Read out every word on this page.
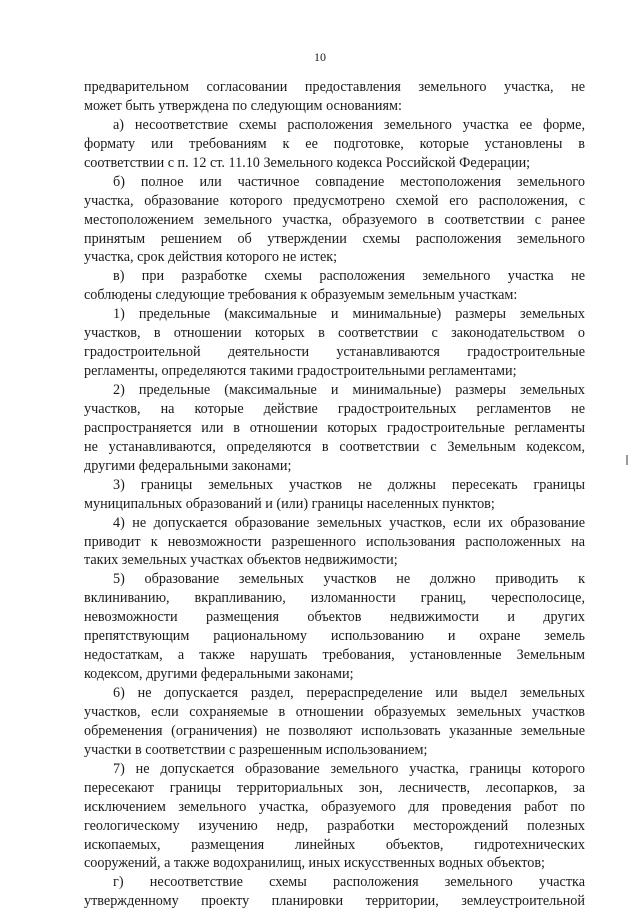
10
предварительном согласовании предоставления земельного участка, не
может быть утверждена по следующим основаниям:
а) несоответствие схемы расположения земельного участка ее форме,
формату или требованиям к ее подготовке, которые установлены в
соответствии с п. 12 ст. 11.10 Земельного кодекса Российской Федерации;
б) полное или частичное совпадение местоположения земельного
участка, образование которого предусмотрено схемой его расположения, с
местоположением земельного участка, образуемого в соответствии с ранее
принятым решением об утверждении схемы расположения земельного
участка, срок действия которого не истек;
в) при разработке схемы расположения земельного участка не
соблюдены следующие требования к образуемым земельным участкам:
1) предельные (максимальные и минимальные) размеры земельных
участков, в отношении которых в соответствии с законодательством о
градостроительной деятельности устанавливаются градостроительные
регламенты, определяются такими градостроительными регламентами;
2) предельные (максимальные и минимальные) размеры земельных
участков, на которые действие градостроительных регламентов не
распространяется или в отношении которых градостроительные регламенты
не устанавливаются, определяются в соответствии с Земельным кодексом,
другими федеральными законами;
3) границы земельных участков не должны пересекать границы
муниципальных образований и (или) границы населенных пунктов;
4) не допускается образование земельных участков, если их образование
приводит к невозможности разрешенного использования расположенных на
таких земельных участках объектов недвижимости;
5) образование земельных участков не должно приводить к
вклиниванию, вкрапливанию, изломанности границ, чересполосице,
невозможности размещения объектов недвижимости и других
препятствующим рациональному использованию и охране земель
недостаткам, а также нарушать требования, установленные Земельным
кодексом, другими федеральными законами;
6) не допускается раздел, перераспределение или выдел земельных
участков, если сохраняемые в отношении образуемых земельных участков
обременения (ограничения) не позволяют использовать указанные земельные
участки в соответствии с разрешенным использованием;
7) не допускается образование земельного участка, границы которого
пересекают границы территориальных зон, лесничеств, лесопарков, за
исключением земельного участка, образуемого для проведения работ по
геологическому изучению недр, разработки месторождений полезных
ископаемых, размещения линейных объектов, гидротехнических
сооружений, а также водохранилищ, иных искусственных водных объектов;
г) несоответствие схемы расположения земельного участка
утвержденному проекту планировки территории, землеустроительной
